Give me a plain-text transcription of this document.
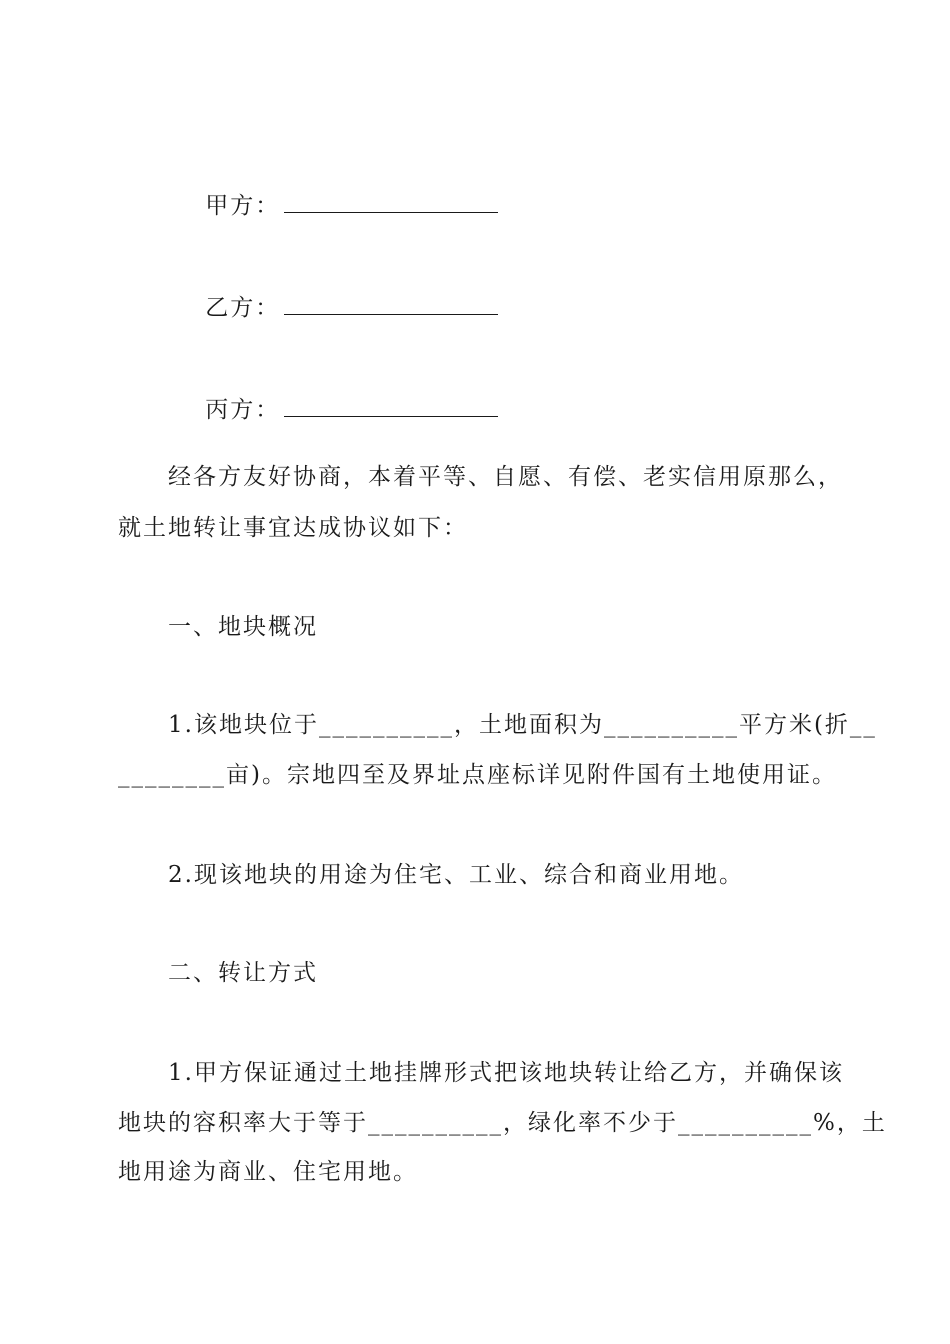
甲方：

乙方：

丙方：

经各方友好协商，本着平等、自愿、有偿、老实信用原那么，
就土地转让事宜达成协议如下：
一、地块概况
1.该地块位于__________，土地面积为__________平方米(折__
________亩)。宗地四至及界址点座标详见附件国有土地使用证。
2.现该地块的用途为住宅、工业、综合和商业用地。
二、转让方式
1.甲方保证通过土地挂牌形式把该地块转让给乙方，并确保该
地块的容积率大于等于__________，绿化率不少于__________%，土
地用途为商业、住宅用地。
